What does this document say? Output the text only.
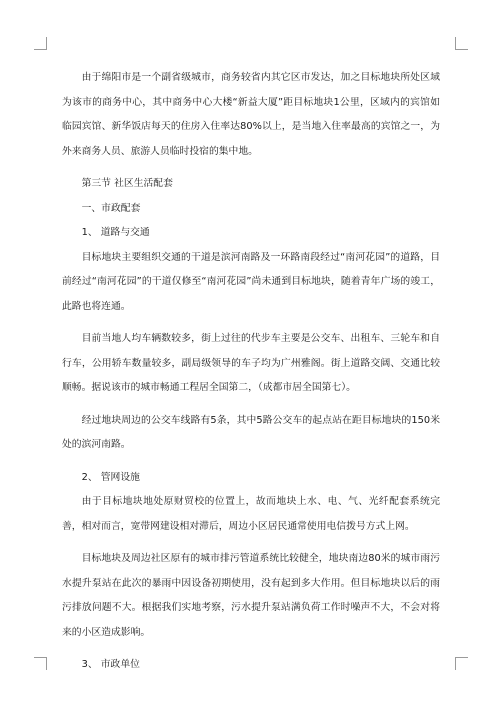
由于绵阳市是一个副省级城市，商务较省内其它区市发达，加之目标地块所处区域为该市的商务中心，其中商务中心大楼“新益大厦”距目标地块1公里，区域内的宾馆如临园宾馆、新华饭店每天的住房入住率达80%以上，是当地入住率最高的宾馆之一，为外来商务人员、旅游人员临时投宿的集中地。

第三节 社区生活配套

一、市政配套

1、 道路与交通

目标地块主要组织交通的干道是滨河南路及一环路南段经过“南河花园”的道路，目前经过“南河花园”的干道仅修至“南河花园”尚未通到目标地块，随着青年广场的竣工，此路也将连通。

目前当地人均车辆数较多，街上过往的代步车主要是公交车、出租车、三轮车和自行车，公用轿车数量较多，副局级领导的车子均为广州雅阁。街上道路交阔、交通比较顺畅。据说该市的城市畅通工程居全国第二，（成都市居全国第七）。

经过地块周边的公交车线路有5条，其中5路公交车的起点站在距目标地块的150米处的滨河南路。

2、 管网设施

由于目标地块地处原财贸校的位置上，故而地块上水、电、气、光纤配套系统完善，相对而言，宽带网建设相对滞后，周边小区居民通常使用电信拨号方式上网。

目标地块及周边社区原有的城市排污管道系统比较健全，地块南边80米的城市雨污水提升泵站在此次的暴雨中因设备初期使用，没有起到多大作用。但目标地块以后的雨污排放问题不大。根据我们实地考察，污水提升泵站满负荷工作时噪声不大，不会对将来的小区造成影响。

3、 市政单位
